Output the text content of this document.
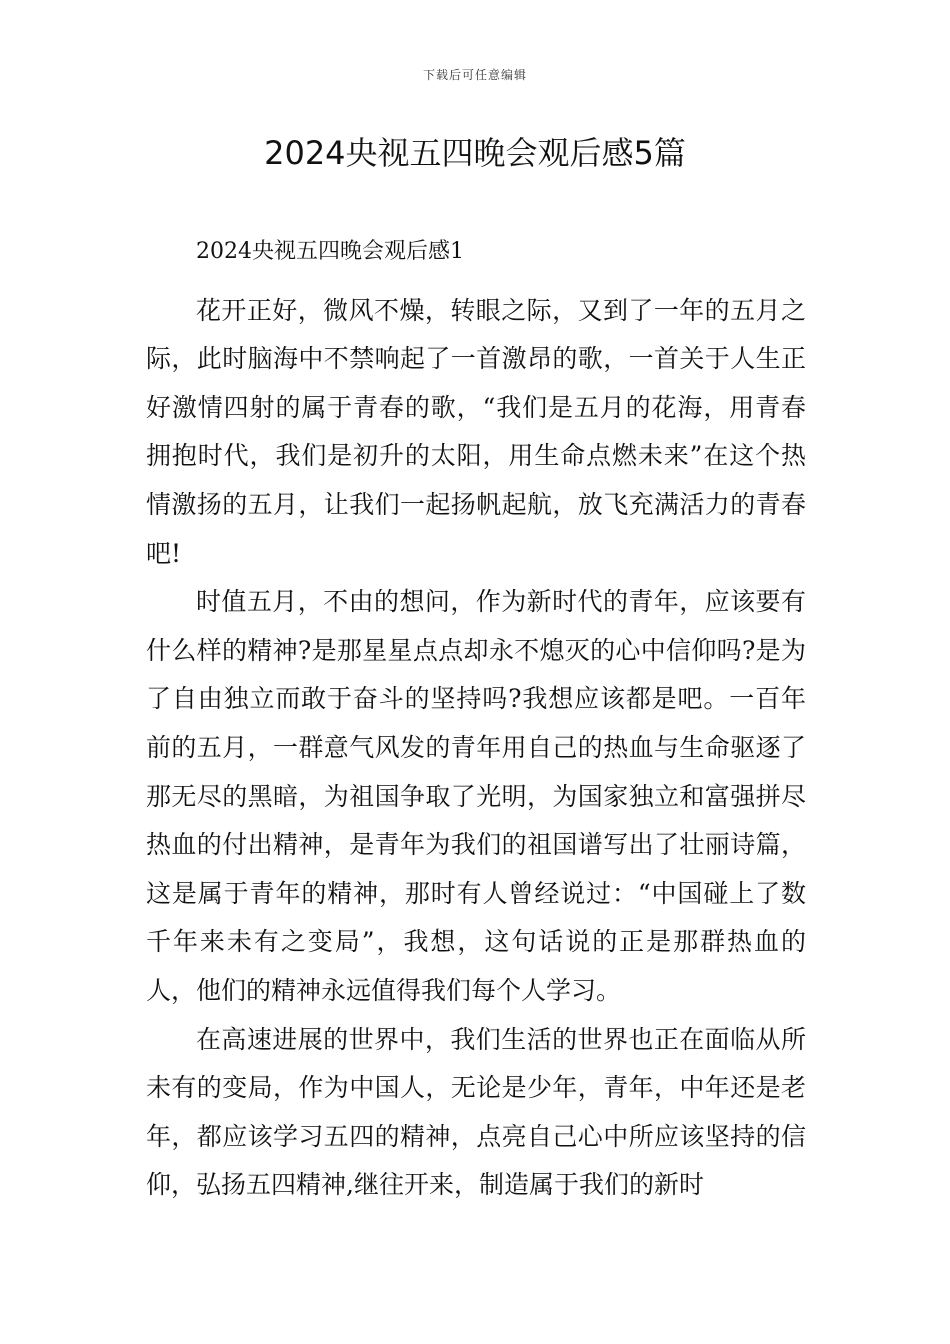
下载后可任意编辑
2024央视五四晚会观后感5篇
2024央视五四晚会观后感1

花开正好，微风不燥，转眼之际，又到了一年的五月之际，此时脑海中不禁响起了一首激昂的歌，一首关于人生正好激情四射的属于青春的歌，“我们是五月的花海，用青春拥抱时代，我们是初升的太阳，用生命点燃未来”在这个热情激扬的五月，让我们一起扬帆起航，放飞充满活力的青春吧!

时值五月，不由的想问，作为新时代的青年，应该要有什么样的精神?是那星星点点却永不熄灭的心中信仰吗?是为了自由独立而敢于奋斗的坚持吗?我想应该都是吧。一百年前的五月，一群意气风发的青年用自己的热血与生命驱逐了那无尽的黑暗，为祖国争取了光明，为国家独立和富强拼尽热血的付出精神，是青年为我们的祖国谱写出了壮丽诗篇，这是属于青年的精神，那时有人曾经说过：“中国碰上了数千年来未有之变局”，我想，这句话说的正是那群热血的人，他们的精神永远值得我们每个人学习。

在高速进展的世界中，我们生活的世界也正在面临从所未有的变局，作为中国人，无论是少年，青年，中年还是老年，都应该学习五四的精神，点亮自己心中所应该坚持的信仰，弘扬五四精神,继往开来，制造属于我们的新时
